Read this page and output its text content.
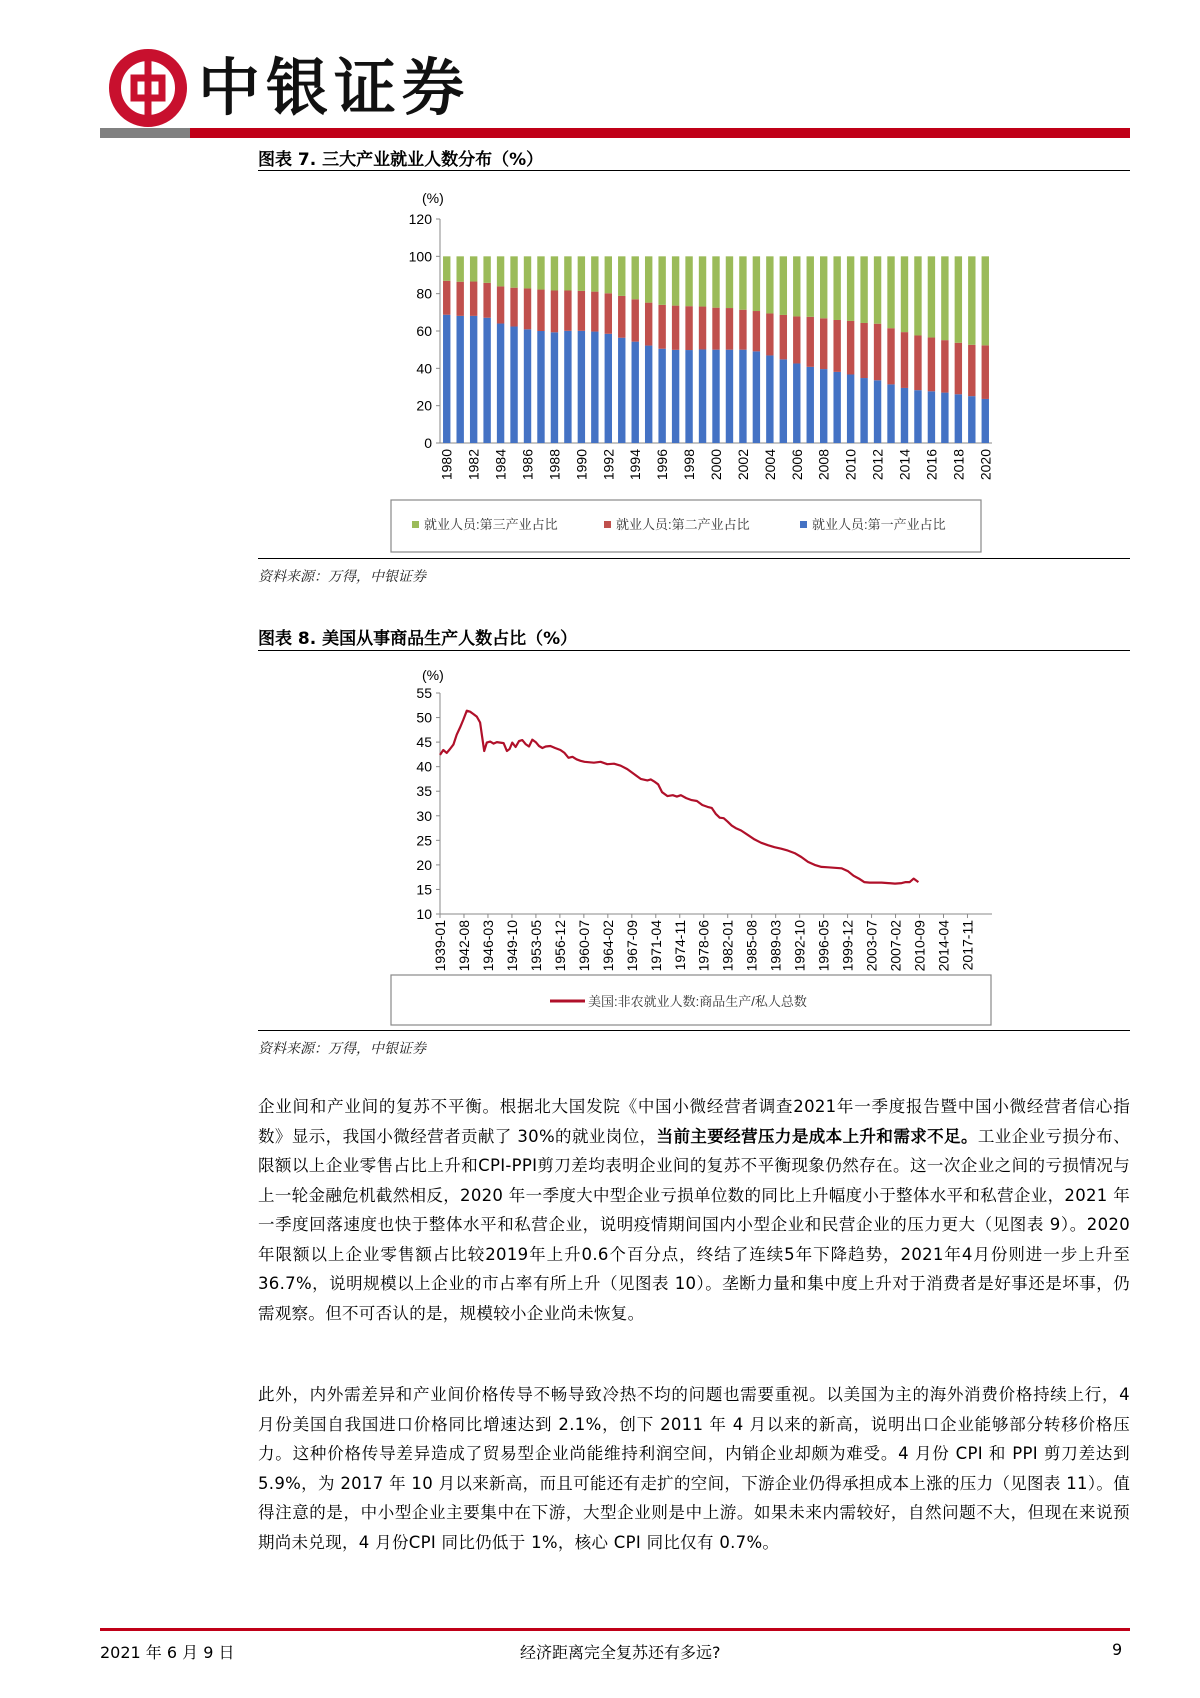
中银证券
图表 7. 三大产业就业人数分布（%）
(%)
0
20
40
60
80
100
120
1980 1982 1984 1986 1988 1990 1992 1994 1996 1998 2000 2002 2004 2006 2008 2010 2012 2014 2016 2018 2020
就业人员:第三产业占比	就业人员:第二产业占比	就业人员:第一产业占比
资料来源：万得，中银证券
图表 8. 美国从事商品生产人数占比（%）
(%)
10
15
20
25
30
35
40
45
50
55
1939-01 1942-08 1946-03 1949-10 1953-05 1956-12 1960-07 1964-02 1967-09 1971-04 1974-11 1978-06 1982-01 1985-08 1989-03 1992-10 1996-05 1999-12 2003-07 2007-02 2010-09 2014-04 2017-11
美国:非农就业人数:商品生产/私人总数
资料来源：万得，中银证券
企业间和产业间的复苏不平衡。根据北大国发院《中国小微经营者调查2021年一季度报告暨中国小微经营者信心指数》显示，我国小微经营者贡献了 30%的就业岗位，当前主要经营压力是成本上升和需求不足。工业企业亏损分布、限额以上企业零售占比上升和CPI-PPI剪刀差均表明企业间的复苏不平衡现象仍然存在。这一次企业之间的亏损情况与上一轮金融危机截然相反，2020 年一季度大中型企业亏损单位数的同比上升幅度小于整体水平和私营企业，2021 年一季度回落速度也快于整体水平和私营企业，说明疫情期间国内小型企业和民营企业的压力更大（见图表 9）。2020 年限额以上企业零售额占比较2019年上升0.6个百分点，终结了连续5年下降趋势，2021年4月份则进一步上升至 36.7%，说明规模以上企业的市占率有所上升（见图表 10）。垄断力量和集中度上升对于消费者是好事还是坏事，仍需观察。但不可否认的是，规模较小企业尚未恢复。
此外，内外需差异和产业间价格传导不畅导致冷热不均的问题也需要重视。以美国为主的海外消费价格持续上行，4 月份美国自我国进口价格同比增速达到 2.1%，创下 2011 年 4 月以来的新高，说明出口企业能够部分转移价格压力。这种价格传导差异造成了贸易型企业尚能维持利润空间，内销企业却颇为难受。4 月份 CPI 和 PPI 剪刀差达到 5.9%，为 2017 年 10 月以来新高，而且可能还有走扩的空间，下游企业仍得承担成本上涨的压力（见图表 11）。值得注意的是，中小型企业主要集中在下游，大型企业则是中上游。如果未来内需较好，自然问题不大，但现在来说预期尚未兑现，4 月份CPI 同比仍低于 1%，核心 CPI 同比仅有 0.7%。
2021 年 6 月 9 日	经济距离完全复苏还有多远?	9
